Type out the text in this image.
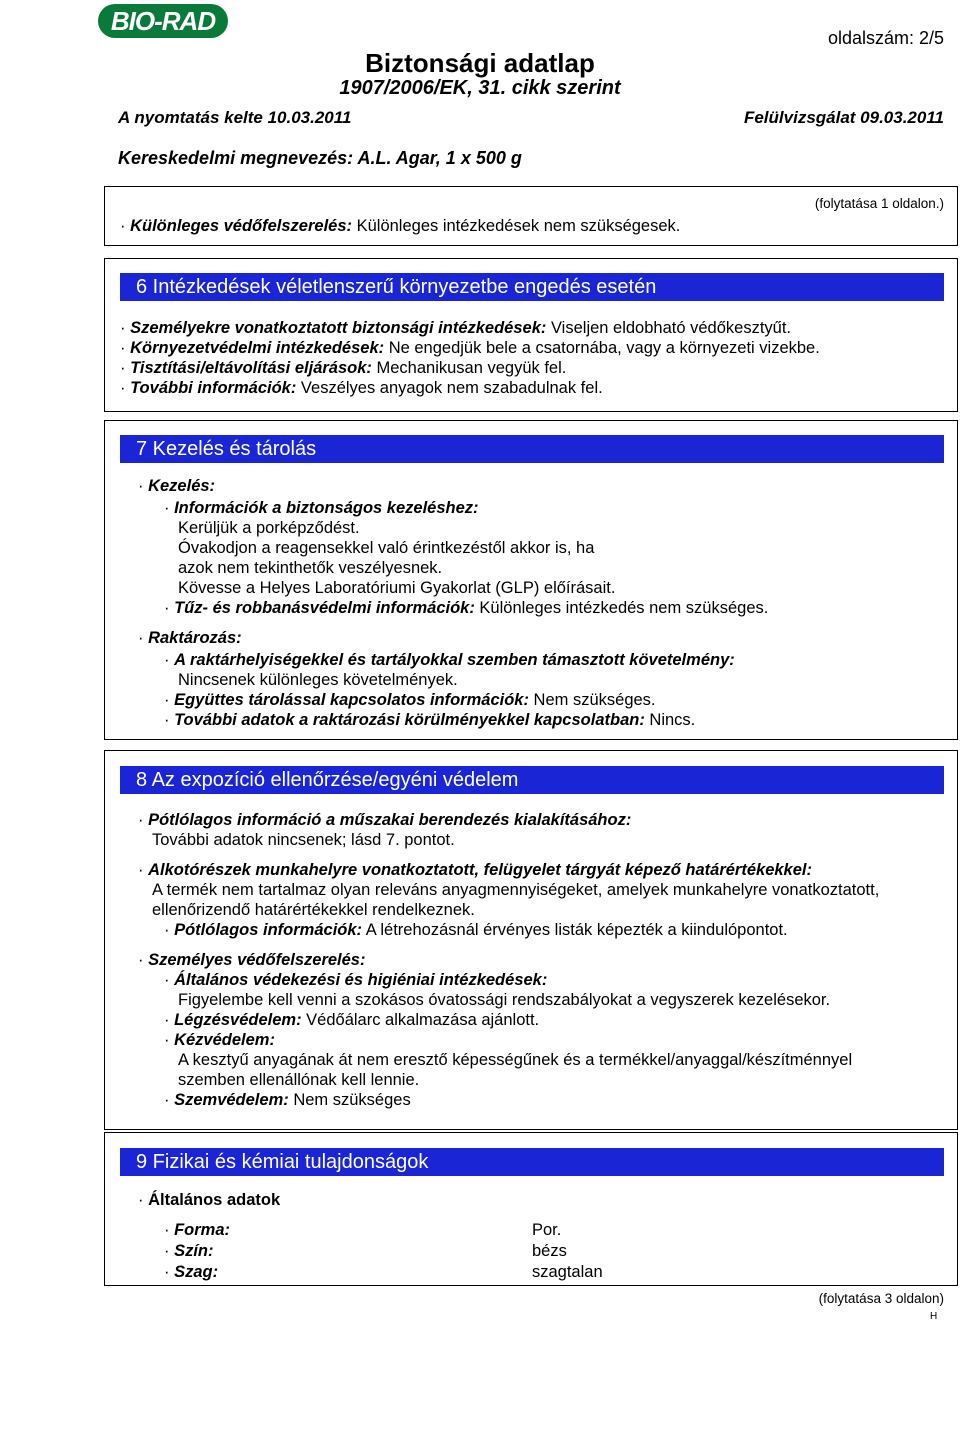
BIO-RAD
oldalszám: 2/5
Biztonsági adatlap
1907/2006/EK, 31. cikk szerint
A nyomtatás kelte 10.03.2011	Felülvizsgálat 09.03.2011
Kereskedelmi megnevezés: A.L. Agar, 1 x 500 g
(folytatása 1 oldalon.)
· Különleges védőfelszerelés: Különleges intézkedések nem szükségesek.
6 Intézkedések véletlenszerű környezetbe engedés esetén
· Személyekre vonatkoztatott biztonsági intézkedések: Viseljen eldobható védőkesztyűt.
· Környezetvédelmi intézkedések: Ne engedjük bele a csatornába, vagy a környezeti vizekbe.
· Tisztítási/eltávolítási eljárások: Mechanikusan vegyük fel.
· További információk: Veszélyes anyagok nem szabadulnak fel.
7 Kezelés és tárolás
· Kezelés:
· Információk a biztonságos kezeléshez:
Kerüljük a porképződést.
Óvakodjon a reagensekkel való érintkezéstől akkor is, ha
azok nem tekinthetők veszélyesnek.
Kövesse a Helyes Laboratóriumi Gyakorlat (GLP) előírásait.
· Tűz- és robbanásvédelmi információk: Különleges intézkedés nem szükséges.
· Raktározás:
· A raktárhelyiségekkel és tartályokkal szemben támasztott követelmény:
Nincsenek különleges követelmények.
· Együttes tárolással kapcsolatos információk: Nem szükséges.
· További adatok a raktározási körülményekkel kapcsolatban: Nincs.
8 Az expozíció ellenőrzése/egyéni védelem
· Pótlólagos információ a műszakai berendezés kialakításához:
További adatok nincsenek; lásd 7. pontot.
· Alkotórészek munkahelyre vonatkoztatott, felügyelet tárgyát képező határértékekkel:
A termék nem tartalmaz olyan releváns anyagmennyiségeket, amelyek munkahelyre vonatkoztatott,
ellenőrizendő határértékekkel rendelkeznek.
· Pótlólagos információk: A létrehozásnál érvényes listák képezték a kiindulópontot.
· Személyes védőfelszerelés:
· Általános védekezési és higiéniai intézkedések:
Figyelembe kell venni a szokásos óvatossági rendszabályokat a vegyszerek kezelésekor.
· Légzésvédelem: Védőálarc alkalmazása ajánlott.
· Kézvédelem:
A kesztyű anyagának át nem eresztő képességűnek és a termékkel/anyaggal/készítménnyel
szemben ellenállónak kell lennie.
· Szemvédelem: Nem szükséges
9 Fizikai és kémiai tulajdonságok
· Általános adatok
· Forma:	Por.
· Szín:	bézs
· Szag:	szagtalan
(folytatása 3 oldalon)
H
